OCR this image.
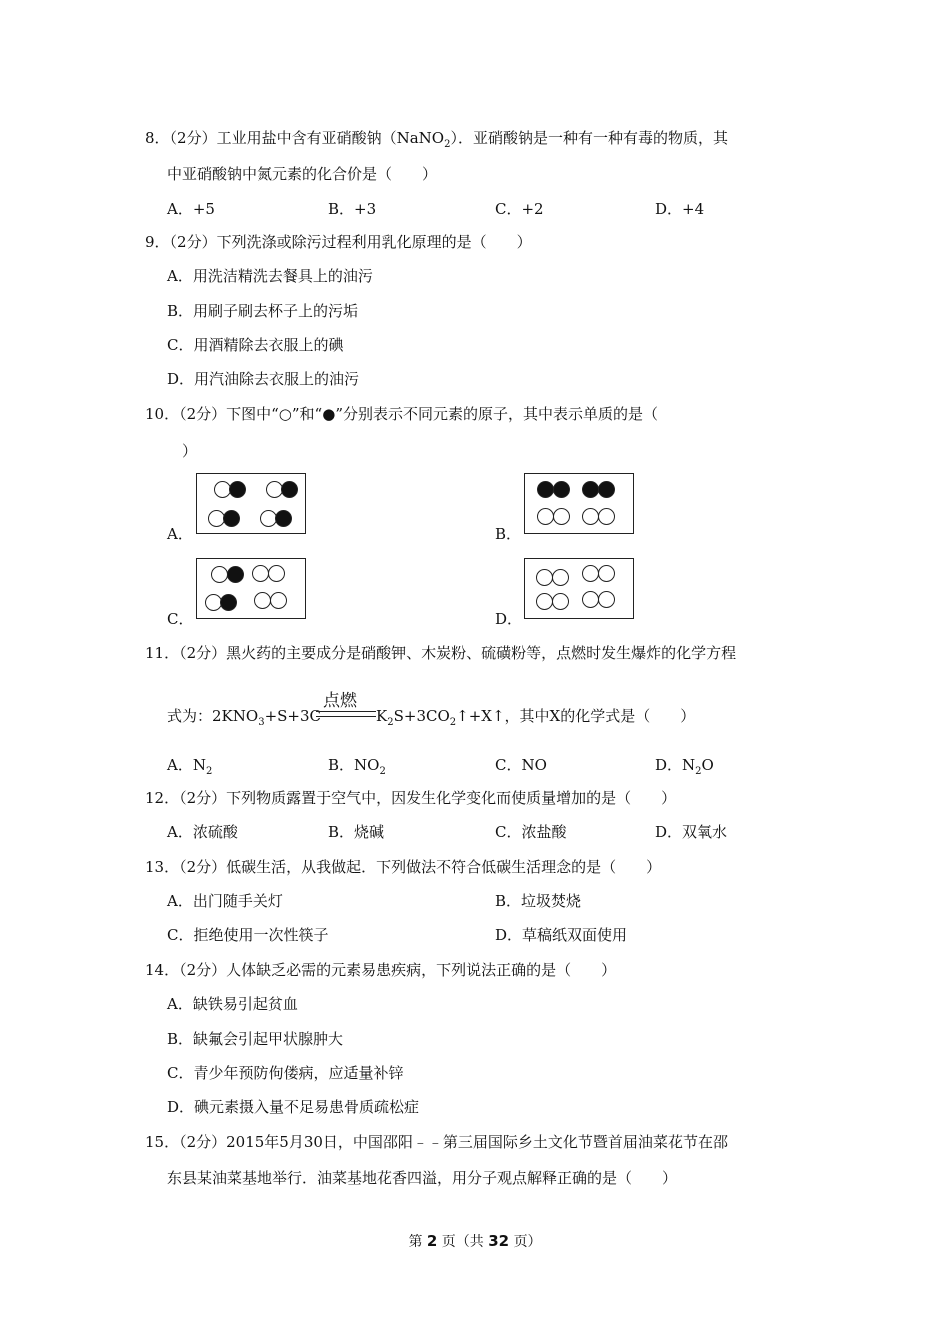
8．（2分）工业用盐中含有亚硝酸钠（NaNO$_2$）．亚硝酸钠是一种有一种有毒的物质，其
中亚硝酸钠中氮元素的化合价是（　　）
A．+5	B．+3	C．+2	D．+4
9．（2分）下列洗涤或除污过程利用乳化原理的是（　　）
A．用洗洁精洗去餐具上的油污
B．用刷子刷去杯子上的污垢
C．用酒精除去衣服上的碘
D．用汽油除去衣服上的油污
10．（2分）下图中“○”和“●”分别表示不同元素的原子，其中表示单质的是（
）
A．	B．
C．	D．
11．（2分）黑火药的主要成分是硝酸钾、木炭粉、硫磺粉等，点燃时发生爆炸的化学方程
式为：$2KNO_3+S+3C$
点燃
$K_2S+3CO_2↑+X↑$，其中X的化学式是（　　）
A．$N_2$	B．$NO_2$	C．NO	D．$N_2O$
12．（2分）下列物质露置于空气中，因发生化学变化而使质量增加的是（　　）
A．浓硫酸	B．烧碱	C．浓盐酸	D．双氧水
13．（2分）低碳生活，从我做起．下列做法不符合低碳生活理念的是（　　）
A．出门随手关灯	B．垃圾焚烧
C．拒绝使用一次性筷子	D．草稿纸双面使用
14．（2分）人体缺乏必需的元素易患疾病，下列说法正确的是（　　）
A．缺铁易引起贫血
B．缺氟会引起甲状腺肿大
C．青少年预防佝偻病，应适量补锌
D．碘元素摄入量不足易患骨质疏松症
15．（2分）2015年5月30日，中国邵阳﹣﹣第三届国际乡土文化节暨首届油菜花节在邵
东县某油菜基地举行．油菜基地花香四溢，用分子观点解释正确的是（　　）
第 2 页（共 32 页）
